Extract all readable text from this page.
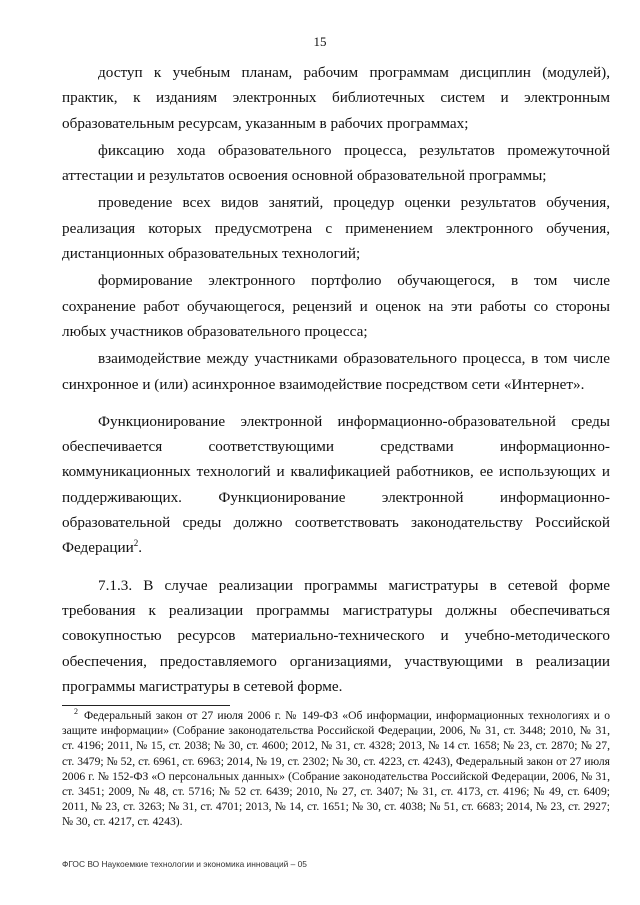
15

доступ к учебным планам, рабочим программам дисциплин (модулей), практик, к изданиям электронных библиотечных систем и электронным образовательным ресурсам, указанным в рабочих программах;

фиксацию хода образовательного процесса, результатов промежуточной аттестации и результатов освоения основной образовательной программы;

проведение всех видов занятий, процедур оценки результатов обучения, реализация которых предусмотрена с применением электронного обучения, дистанционных образовательных технологий;

формирование электронного портфолио обучающегося, в том числе сохранение работ обучающегося, рецензий и оценок на эти работы со стороны любых участников образовательного процесса;

взаимодействие между участниками образовательного процесса, в том числе синхронное и (или) асинхронное взаимодействие посредством сети «Интернет».

Функционирование электронной информационно-образовательной среды обеспечивается соответствующими средствами информационно-коммуникационных технологий и квалификацией работников, ее использующих и поддерживающих. Функционирование электронной информационно-образовательной среды должно соответствовать законодательству Российской Федерации$^2$.

7.1.3. В случае реализации программы магистратуры в сетевой форме требования к реализации программы магистратуры должны обеспечиваться совокупностью ресурсов материально-технического и учебно-методического обеспечения, предоставляемого организациями, участвующими в реализации программы магистратуры в сетевой форме.

$^2$ Федеральный закон от 27 июля 2006 г. № 149-ФЗ «Об информации, информационных технологиях и о защите информации» (Собрание законодательства Российской Федерации, 2006, № 31, ст. 3448; 2010, № 31, ст. 4196; 2011, № 15, ст. 2038; № 30, ст. 4600; 2012, № 31, ст. 4328; 2013, № 14 ст. 1658; № 23, ст. 2870; № 27, ст. 3479; № 52, ст. 6961, ст. 6963; 2014, № 19, ст. 2302; № 30, ст. 4223, ст. 4243), Федеральный закон от 27 июля 2006 г. № 152-ФЗ «О персональных данных» (Собрание законодательства Российской Федерации, 2006, № 31, ст. 3451; 2009, № 48, ст. 5716; № 52 ст. 6439; 2010, № 27, ст. 3407; № 31, ст. 4173, ст. 4196; № 49, ст. 6409; 2011, № 23, ст. 3263; № 31, ст. 4701; 2013, № 14, ст. 1651; № 30, ст. 4038; № 51, ст. 6683; 2014, № 23, ст. 2927; № 30, ст. 4217, ст. 4243).
ФГОС ВО Наукоемкие технологии и экономика инноваций – 05
